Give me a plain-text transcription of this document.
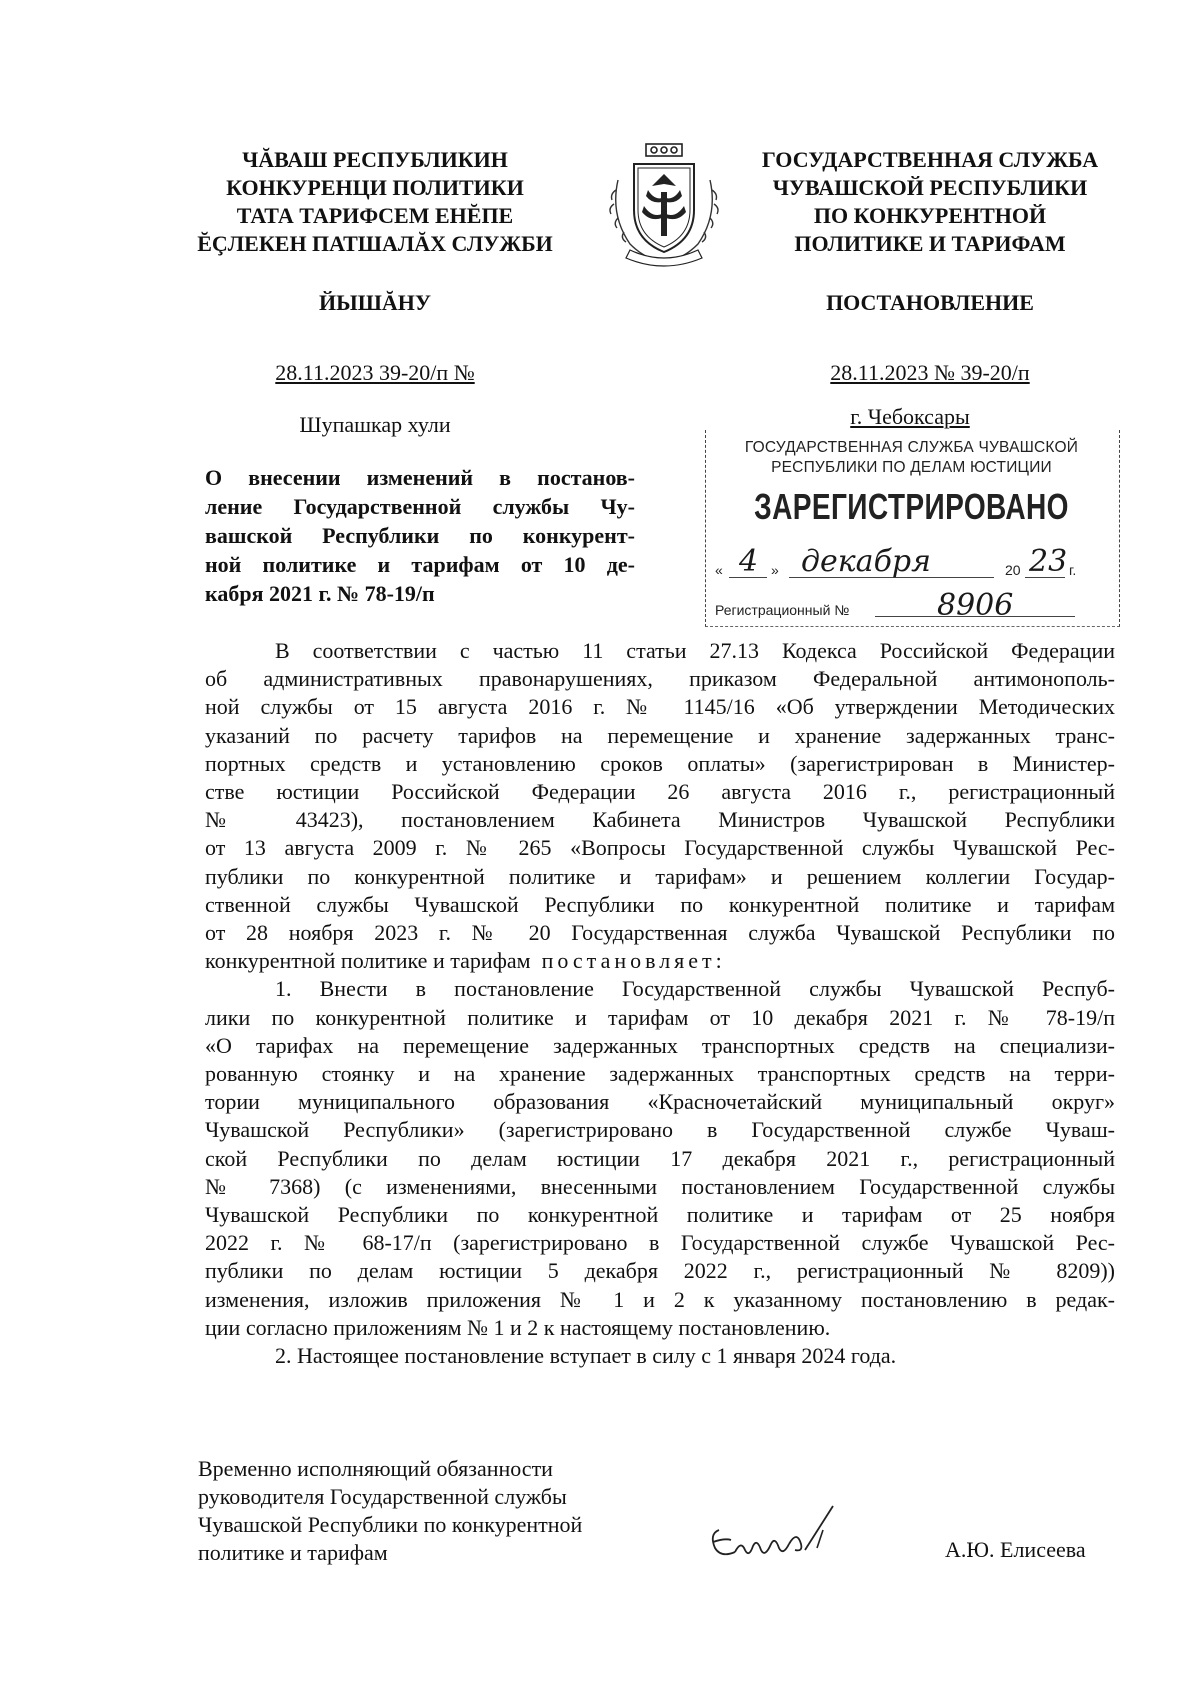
ЧĂВАШ РЕСПУБЛИКИН
КОНКУРЕНЦИ ПОЛИТИКИ
ТАТА ТАРИФСЕМ ЕНĔПЕ
ĔÇЛЕКЕН ПАТШАЛĂХ СЛУЖБИ
ГОСУДАРСТВЕННАЯ СЛУЖБА
ЧУВАШСКОЙ РЕСПУБЛИКИ
ПО КОНКУРЕНТНОЙ
ПОЛИТИКЕ И ТАРИФАМ
ЙЫШĂНУ	ПОСТАНОВЛЕНИЕ
28.11.2023 39-20/п №	28.11.2023 № 39-20/п
Шупашкар хули	г. Чебоксары
О внесении изменений в постанов-
ление Государственной службы Чу-
вашской Республики по конкурент-
ной политике и тарифам от 10 де-
кабря 2021 г. № 78-19/п
ГОСУДАРСТВЕННАЯ СЛУЖБА ЧУВАШСКОЙ
РЕСПУБЛИКИ ПО ДЕЛАМ ЮСТИЦИИ
ЗАРЕГИСТРИРОВАНО
« 4 » декабря	20 23 г.
Регистрационный №	8906

В соответствии с частью 11 статьи 27.13 Кодекса Российской Федерации
об административных правонарушениях, приказом Федеральной антимонополь-
ной службы от 15 августа 2016 г. № 1145/16 «Об утверждении Методических
указаний по расчету тарифов на перемещение и хранение задержанных транс-
портных средств и установлению сроков оплаты» (зарегистрирован в Министер-
стве юстиции Российской Федерации 26 августа 2016 г., регистрационный
№ 43423), постановлением Кабинета Министров Чувашской Республики
от 13 августа 2009 г. № 265 «Вопросы Государственной службы Чувашской Рес-
публики по конкурентной политике и тарифам» и решением коллегии Государ-
ственной службы Чувашской Республики по конкурентной политике и тарифам
от 28 ноября 2023 г. № 20 Государственная служба Чувашской Республики по
конкурентной политике и тарифам постановляет:

1. Внести в постановление Государственной службы Чувашской Респуб-
лики по конкурентной политике и тарифам от 10 декабря 2021 г. № 78-19/п
«О тарифах на перемещение задержанных транспортных средств на специализи-
рованную стоянку и на хранение задержанных транспортных средств на терри-
тории муниципального образования «Красночетайский муниципальный округ»
Чувашской Республики» (зарегистрировано в Государственной службе Чуваш-
ской Республики по делам юстиции 17 декабря 2021 г., регистрационный
№ 7368) (с изменениями, внесенными постановлением Государственной службы
Чувашской Республики по конкурентной политике и тарифам от 25 ноября
2022 г. № 68-17/п (зарегистрировано в Государственной службе Чувашской Рес-
публики по делам юстиции 5 декабря 2022 г., регистрационный № 8209))
изменения, изложив приложения № 1 и 2 к указанному постановлению в редак-
ции согласно приложениям № 1 и 2 к настоящему постановлению.

2. Настоящее постановление вступает в силу с 1 января 2024 года.

Временно исполняющий обязанности
руководителя Государственной службы
Чувашской Республики по конкурентной
политике и тарифам	А.Ю. Елисеева
